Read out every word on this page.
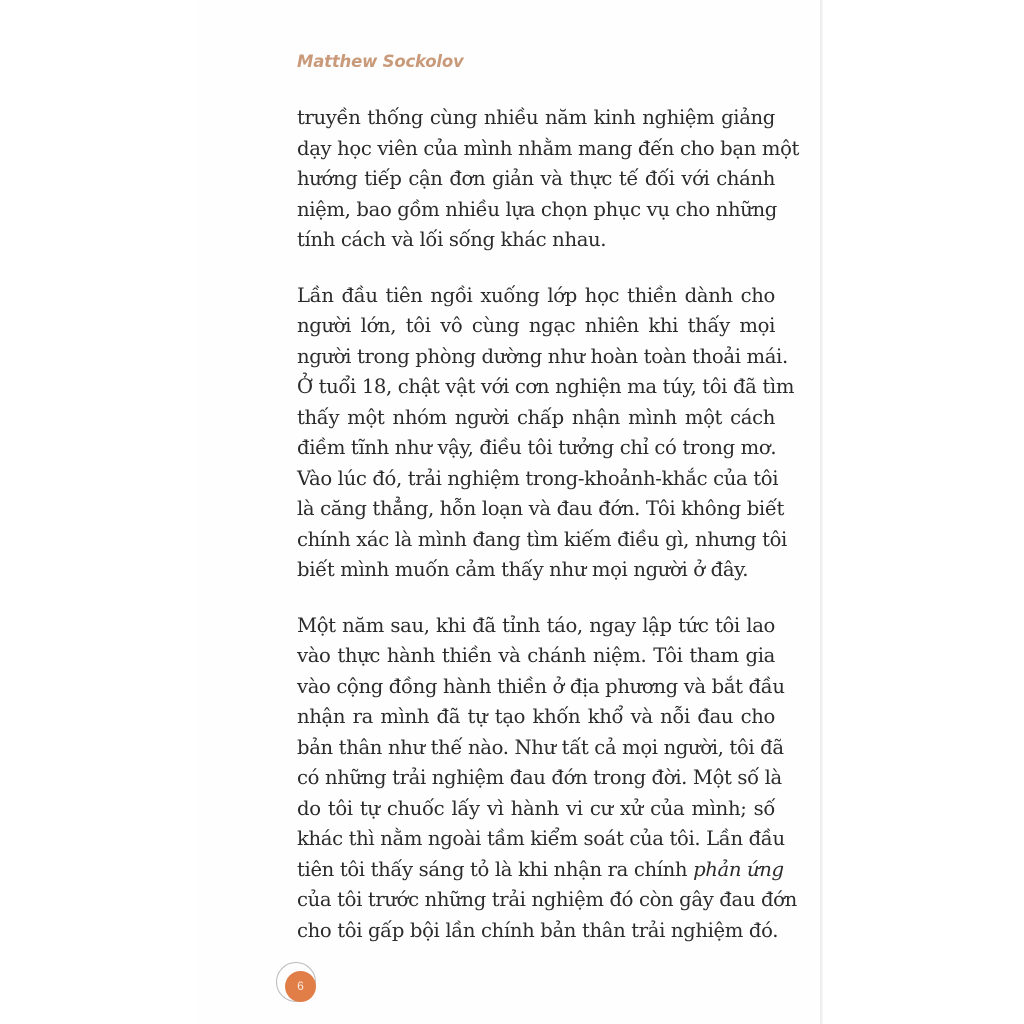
Matthew Sockolov

truyền thống cùng nhiều năm kinh nghiệm giảng
dạy học viên của mình nhằm mang đến cho bạn một
hướng tiếp cận đơn giản và thực tế đối với chánh
niệm, bao gồm nhiều lựa chọn phục vụ cho những
tính cách và lối sống khác nhau.

Lần đầu tiên ngồi xuống lớp học thiền dành cho
người lớn, tôi vô cùng ngạc nhiên khi thấy mọi
người trong phòng dường như hoàn toàn thoải mái.
Ở tuổi 18, chật vật với cơn nghiện ma túy, tôi đã tìm
thấy một nhóm người chấp nhận mình một cách
điềm tĩnh như vậy, điều tôi tưởng chỉ có trong mơ.
Vào lúc đó, trải nghiệm trong-khoảnh-khắc của tôi
là căng thẳng, hỗn loạn và đau đớn. Tôi không biết
chính xác là mình đang tìm kiếm điều gì, nhưng tôi
biết mình muốn cảm thấy như mọi người ở đây.

Một năm sau, khi đã tỉnh táo, ngay lập tức tôi lao
vào thực hành thiền và chánh niệm. Tôi tham gia
vào cộng đồng hành thiền ở địa phương và bắt đầu
nhận ra mình đã tự tạo khốn khổ và nỗi đau cho
bản thân như thế nào. Như tất cả mọi người, tôi đã
có những trải nghiệm đau đớn trong đời. Một số là
do tôi tự chuốc lấy vì hành vi cư xử của mình; số
khác thì nằm ngoài tầm kiểm soát của tôi. Lần đầu
tiên tôi thấy sáng tỏ là khi nhận ra chính phản ứng
của tôi trước những trải nghiệm đó còn gây đau đớn
cho tôi gấp bội lần chính bản thân trải nghiệm đó.

6
